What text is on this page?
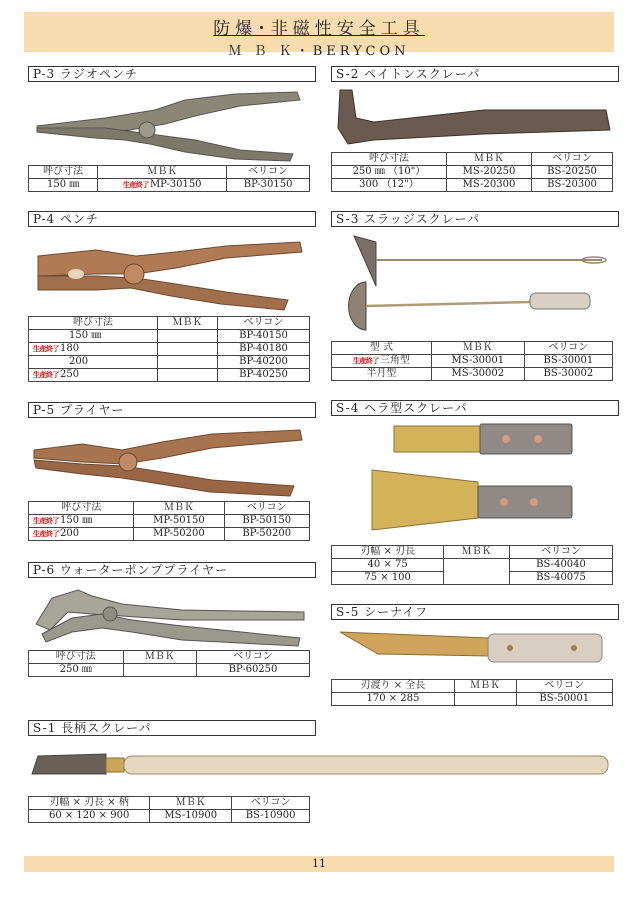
防爆･非磁性安全工具
Ｍ Ｂ Ｋ・BERYCON
P-3 ラジオペンチ
呼び寸法	ＭＢＫ	ベリコン
150 ㎜	生産終了MP-30150	BP-30150
P-4 ペンチ
呼び寸法	ＭＢＫ	ベリコン
150 ㎜		BP-40150
生産終了180		BP-40180
200		BP-40200
生産終了250		BP-40250
P-5 プライヤー
呼び寸法	ＭＢＫ	ベリコン
生産終了150 ㎜	MP-50150	BP-50150
生産終了200	MP-50200	BP-50200
P-6 ウォーターポンププライヤー
呼び寸法	ＭＢＫ	ベリコン
250 ㎜		BP-60250
S-2 ペイトンスクレーパ
呼び寸法	ＭＢＫ	ベリコン
250 ㎜ （10"）	MS-20250	BS-20250
300 （12"）	MS-20300	BS-20300
S-3 スラッジスクレーパ
型 式	ＭＢＫ	ベリコン
生産終了三角型	MS-30001	BS-30001
半月型	MS-30002	BS-30002
S-4 ヘラ型スクレーパ
刃幅 × 刃長	ＭＢＫ	ベリコン
40 × 75		BS-40040
75 × 100		BS-40075
S-5 シーナイフ
刃渡り × 全長	ＭＢＫ	ベリコン
170 × 285		BS-50001
S-1 長柄スクレーパ
刃幅 × 刃長 × 柄	ＭＢＫ	ベリコン
60 × 120 × 900	MS-10900	BS-10900
11
